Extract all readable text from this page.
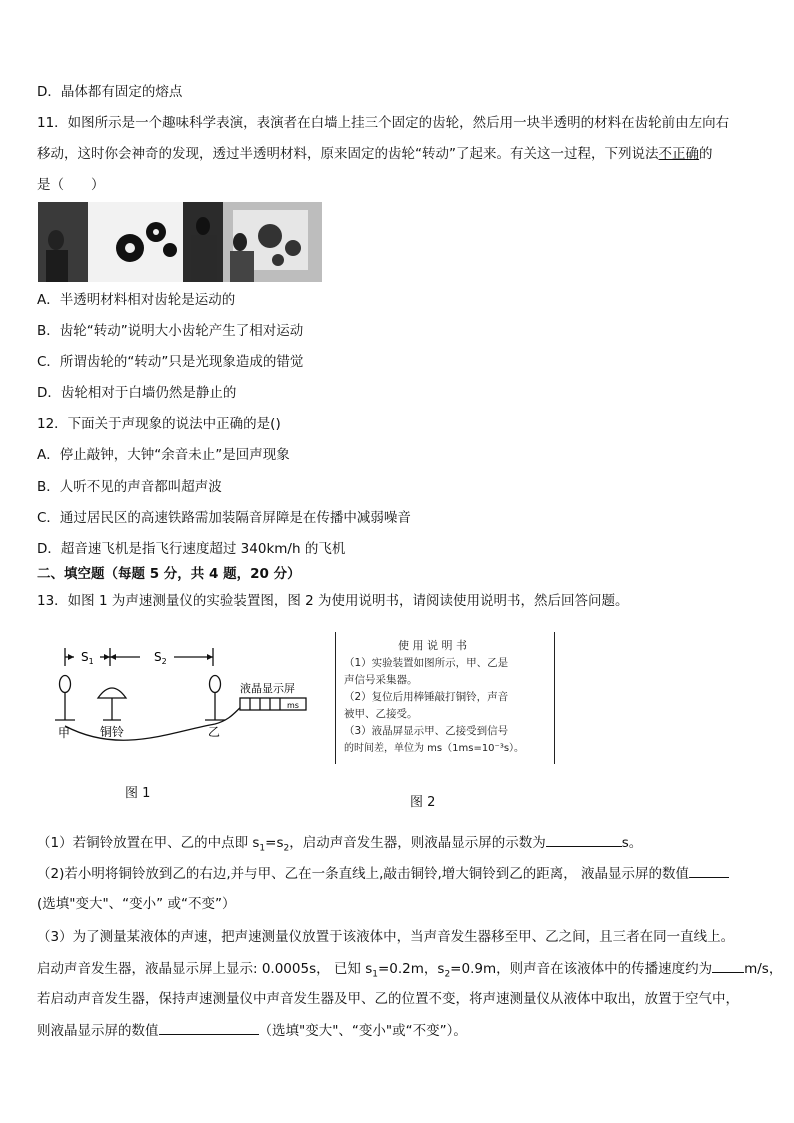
D．晶体都有固定的熔点
11．如图所示是一个趣味科学表演，表演者在白墙上挂三个固定的齿轮，然后用一块半透明的材料在齿轮前由左向右
移动，这时你会神奇的发现，透过半透明材料，原来固定的齿轮“转动”了起来。有关这一过程，下列说法不正确的
是（　　）
A．半透明材料相对齿轮是运动的
B．齿轮“转动”说明大小齿轮产生了相对运动
C．所谓齿轮的“转动”只是光现象造成的错觉
D．齿轮相对于白墙仍然是静止的
12．下面关于声现象的说法中正确的是()
A．停止敲钟，大钟“余音未止”是回声现象
B．人听不见的声音都叫超声波
C．通过居民区的高速铁路需加装隔音屏障是在传播中减弱噪音
D．超音速飞机是指飞行速度超过 340km/h 的飞机
二、填空题（每题 5 分，共 4 题，20 分）
13．如图 1 为声速测量仪的实验装置图，图 2 为使用说明书，请阅读使用说明书，然后回答问题。
$S_1$	$S_2$
液晶显示屏
ms
甲 铜铃	乙
图 1
使 用 说 明 书
（1）实验装置如图所示，甲、乙是
声信号采集器。
（2）复位后用棒锤敲打铜铃，声音
被甲、乙接受。
（3）液晶屏显示甲、乙接受到信号
的时间差，单位为 ms（1ms=10⁻³s）。
图 2
（1）若铜铃放置在甲、乙的中点即 $s_1=s_2$，启动声音发生器，则液晶显示屏的示数为	s。
（2)若小明将铜铃放到乙的右边,并与甲、乙在一条直线上,敲击铜铃,增大铜铃到乙的距离， 液晶显示屏的数值
(选填"变大"、“变小” 或“不变”）
（3）为了测量某液体的声速，把声速测量仪放置于该液体中，当声音发生器移至甲、乙之间，且三者在同一直线上。
启动声音发生器，液晶显示屏上显示: 0.0005s， 已知 $s_1=0.2m$，$s_2=0.9m$，则声音在该液体中的传播速度约为 m/s，
若启动声音发生器，保持声速测量仪中声音发生器及甲、乙的位置不变，将声速测量仪从液体中取出，放置于空气中，
则液晶显示屏的数值	（选填"变大"、“变小"或“不变”）。
